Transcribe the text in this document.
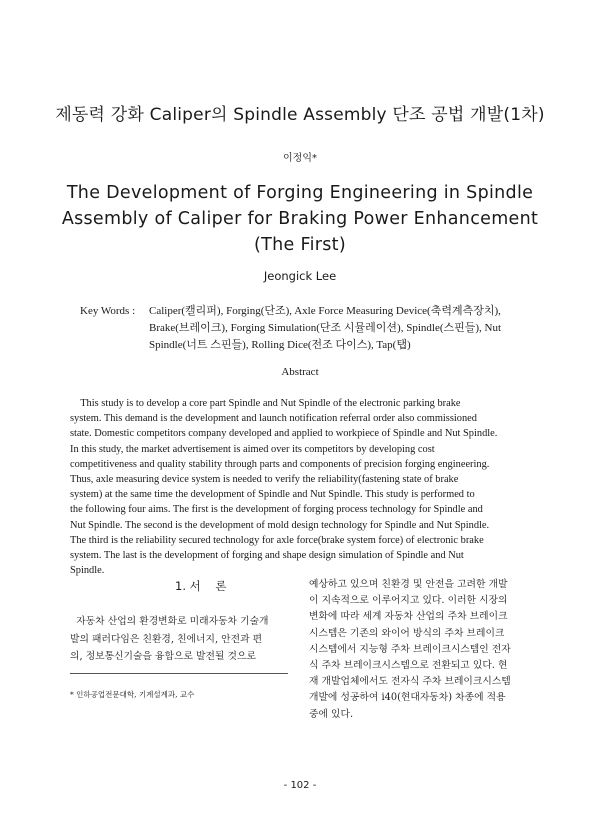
제동력 강화 Caliper의 Spindle Assembly 단조 공법 개발(1차)
이정익*
The Development of Forging Engineering in Spindle
Assembly of Caliper for Braking Power Enhancement
(The First)
Jeongick Lee
Key Words : Caliper(캘리퍼), Forging(단조), Axle Force Measuring Device(축력계측장치),
Brake(브레이크), Forging Simulation(단조 시뮬레이션), Spindle(스핀들), Nut
Spindle(너트 스핀들), Rolling Dice(전조 다이스), Tap(탭)
Abstract
This study is to develop a core part Spindle and Nut Spindle of the electronic parking brake
system. This demand is the development and launch notification referral order also commissioned
state. Domestic competitors company developed and applied to workpiece of Spindle and Nut Spindle.
In this study, the market advertisement is aimed over its competitors by developing cost
competitiveness and quality stability through parts and components of precision forging engineering.
Thus, axle measuring device system is needed to verify the reliability(fastening state of brake
system) at the same time the development of Spindle and Nut Spindle. This study is performed to
the following four aims. The first is the development of forging process technology for Spindle and
Nut Spindle. The second is the development of mold design technology for Spindle and Nut Spindle.
The third is the reliability secured technology for axle force(brake system force) of electronic brake
system. The last is the development of forging and shape design simulation of Spindle and Nut
Spindle.
1. 서    론
자동차 산업의 환경변화로 미래자동차 기술개
발의 패러다임은 친환경, 친에너지, 안전과 편
의, 정보통신기술을 융합으로 발전될 것으로
* 인하공업전문대학, 기계설계과, 교수
예상하고 있으며 친환경 및 안전을 고려한 개발
이 지속적으로 이루어지고 있다. 이러한 시장의
변화에 따라 세계 자동차 산업의 주차 브레이크
시스템은 기존의 와이어 방식의 주차 브레이크
시스템에서 지능형 주차 브레이크시스템인 전자
식 주차 브레이크시스템으로 전환되고 있다. 현
재 개발업체에서도 전자식 주차 브레이크시스템
개발에 성공하여 i40(현대자동차) 차종에 적용
중에 있다.
- 102 -
